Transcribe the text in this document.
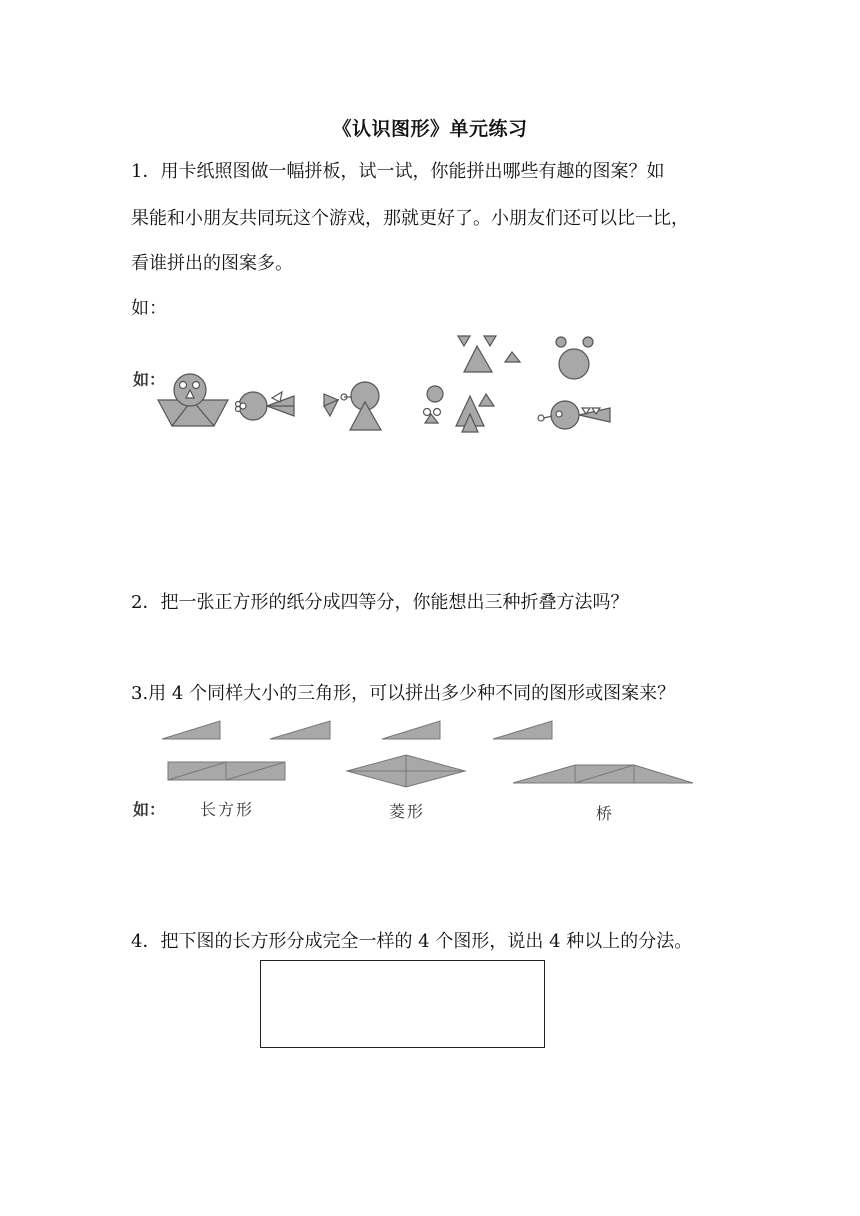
《认识图形》单元练习
1．用卡纸照图做一幅拼板，试一试，你能拼出哪些有趣的图案？如
果能和小朋友共同玩这个游戏，那就更好了。小朋友们还可以比一比，
看谁拼出的图案多。
如：
如：
2．把一张正方形的纸分成四等分，你能想出三种折叠方法吗？
3.用 4 个同样大小的三角形，可以拼出多少种不同的图形或图案来？
如： 长方形	菱形	桥
4．把下图的长方形分成完全一样的 4 个图形，说出 4 种以上的分法。
